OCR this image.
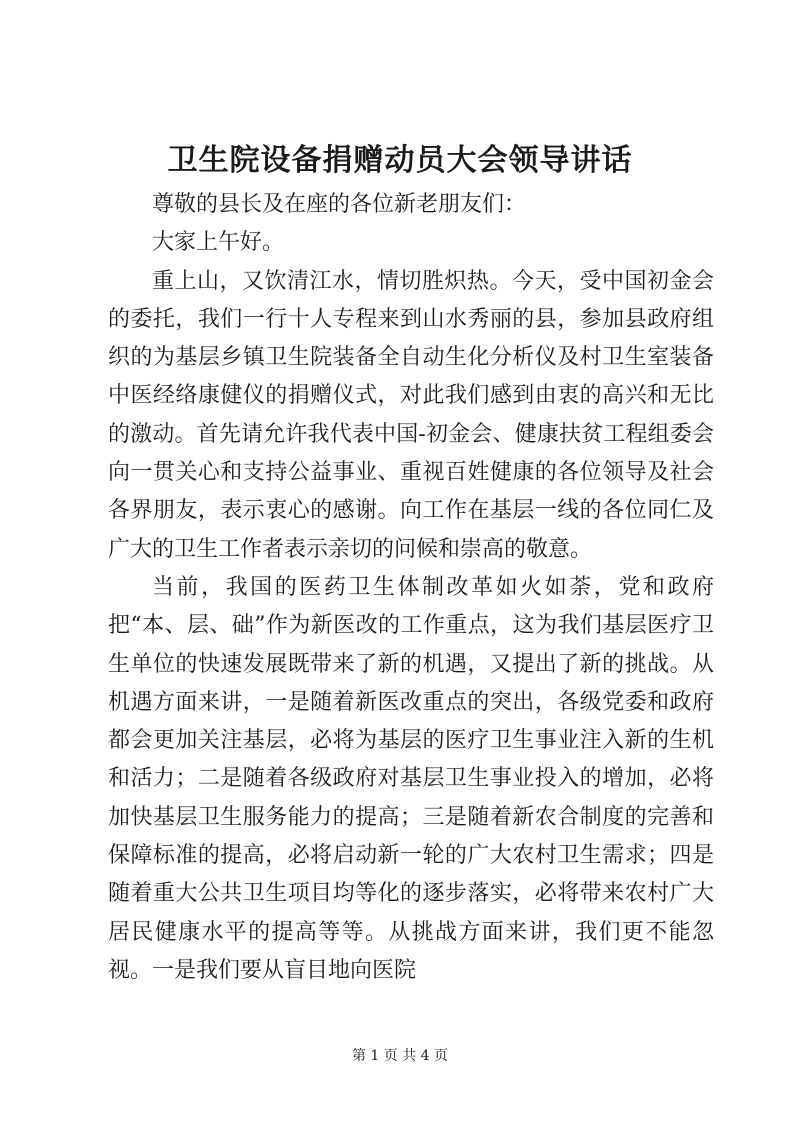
卫生院设备捐赠动员大会领导讲话

尊敬的县长及在座的各位新老朋友们：

大家上午好。

重上山，又饮清江水，情切胜炽热。今天，受中国初金会的委托，我们一行十人专程来到山水秀丽的县，参加县政府组织的为基层乡镇卫生院装备全自动生化分析仪及村卫生室装备中医经络康健仪的捐赠仪式，对此我们感到由衷的高兴和无比的激动。首先请允许我代表中国-初金会、健康扶贫工程组委会向一贯关心和支持公益事业、重视百姓健康的各位领导及社会各界朋友，表示衷心的感谢。向工作在基层一线的各位同仁及广大的卫生工作者表示亲切的问候和崇高的敬意。

当前，我国的医药卫生体制改革如火如荼，党和政府把“本、层、础”作为新医改的工作重点，这为我们基层医疗卫生单位的快速发展既带来了新的机遇，又提出了新的挑战。从机遇方面来讲，一是随着新医改重点的突出，各级党委和政府都会更加关注基层，必将为基层的医疗卫生事业注入新的生机和活力；二是随着各级政府对基层卫生事业投入的增加，必将加快基层卫生服务能力的提高；三是随着新农合制度的完善和保障标准的提高，必将启动新一轮的广大农村卫生需求；四是随着重大公共卫生项目均等化的逐步落实，必将带来农村广大居民健康水平的提高等等。从挑战方面来讲，我们更不能忽视。一是我们要从盲目地向医院

第 1 页 共 4 页
